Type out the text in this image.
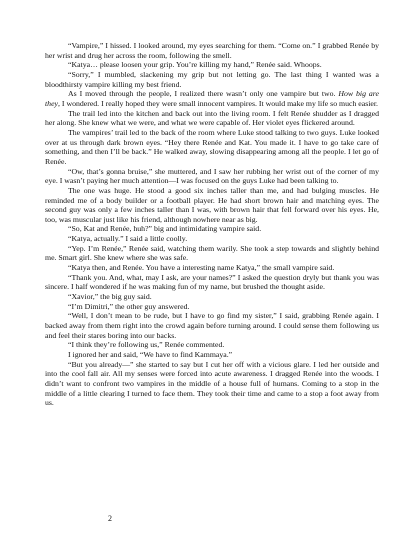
“Vampire,” I hissed. I looked around, my eyes searching for them. “Come on.” I grabbed Renée by her wrist and drug her across the room, following the smell.

“Katya… please loosen your grip. You’re killing my hand,” Renée said. Whoops.

“Sorry,” I mumbled, slackening my grip but not letting go. The last thing I wanted was a bloodthirsty vampire killing my best friend.

As I moved through the people, I realized there wasn’t only one vampire but two. How big are they, I wondered. I really hoped they were small innocent vampires. It would make my life so much easier.

The trail led into the kitchen and back out into the living room. I felt Renée shudder as I dragged her along. She knew what we were, and what we were capable of. Her violet eyes flickered around.

The vampires’ trail led to the back of the room where Luke stood talking to two guys. Luke looked over at us through dark brown eyes. “Hey there Renée and Kat. You made it. I have to go take care of something, and then I’ll be back.” He walked away, slowing disappearing among all the people. I let go of Renée.

“Ow, that’s gonna bruise,” she muttered, and I saw her rubbing her wrist out of the corner of my eye. I wasn’t paying her much attention—I was focused on the guys Luke had been talking to.

The one was huge. He stood a good six inches taller than me, and had bulging muscles. He reminded me of a body builder or a football player. He had short brown hair and matching eyes. The second guy was only a few inches taller than I was, with brown hair that fell forward over his eyes. He, too, was muscular just like his friend, although nowhere near as big.

“So, Kat and Renée, huh?” big and intimidating vampire said.

“Katya, actually.” I said a little coolly.

“Yep. I’m Renée,” Renée said, watching them warily. She took a step towards and slightly behind me. Smart girl. She knew where she was safe.

“Katya then, and Renée. You have a interesting name Katya,” the small vampire said.

“Thank you. And, what, may I ask, are your names?” I asked the question dryly but thank you was sincere. I half wondered if he was making fun of my name, but brushed the thought aside.

“Xavior,” the big guy said.

“I’m Dimitri,” the other guy answered.

“Well, I don’t mean to be rude, but I have to go find my sister,” I said, grabbing Renée again. I backed away from them right into the crowd again before turning around. I could sense them following us and feel their stares boring into our backs.

“I think they’re following us,” Renée commented.

I ignored her and said, “We have to find Kammaya.”

“But you already—” she started to say but I cut her off with a vicious glare. I led her outside and into the cool fall air. All my senses were forced into acute awareness. I dragged Renée into the woods. I didn’t want to confront two vampires in the middle of a house full of humans. Coming to a stop in the middle of a little clearing I turned to face them. They took their time and came to a stop a foot away from us.

2
